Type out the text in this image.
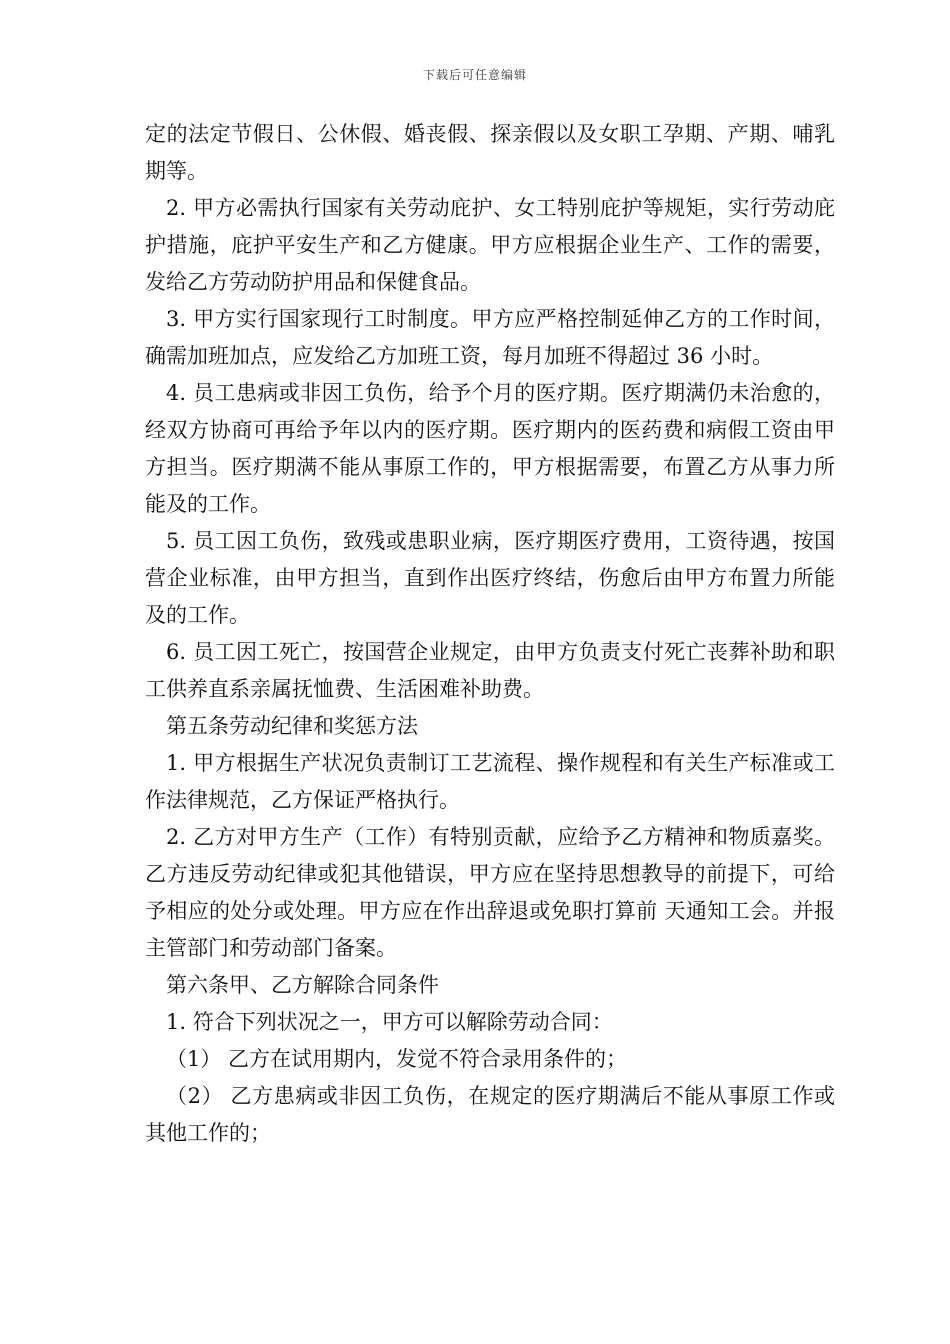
下载后可任意编辑

定的法定节假日、公休假、婚丧假、探亲假以及女职工孕期、产期、哺乳期等。

2. 甲方必需执行国家有关劳动庇护、女工特别庇护等规矩，实行劳动庇护措施，庇护平安生产和乙方健康。甲方应根据企业生产、工作的需要，发给乙方劳动防护用品和保健食品。

3. 甲方实行国家现行工时制度。甲方应严格控制延伸乙方的工作时间，确需加班加点，应发给乙方加班工资，每月加班不得超过 36 小时。

4. 员工患病或非因工负伤，给予个月的医疗期。医疗期满仍未治愈的，经双方协商可再给予年以内的医疗期。医疗期内的医药费和病假工资由甲方担当。医疗期满不能从事原工作的，甲方根据需要，布置乙方从事力所能及的工作。

5. 员工因工负伤，致残或患职业病，医疗期医疗费用，工资待遇，按国营企业标准，由甲方担当，直到作出医疗终结，伤愈后由甲方布置力所能及的工作。

6. 员工因工死亡，按国营企业规定，由甲方负责支付死亡丧葬补助和职工供养直系亲属抚恤费、生活困难补助费。

第五条劳动纪律和奖惩方法

1. 甲方根据生产状况负责制订工艺流程、操作规程和有关生产标准或工作法律规范，乙方保证严格执行。

2. 乙方对甲方生产（工作）有特别贡献，应给予乙方精神和物质嘉奖。乙方违反劳动纪律或犯其他错误，甲方应在坚持思想教导的前提下，可给予相应的处分或处理。甲方应在作出辞退或免职打算前 天通知工会。并报主管部门和劳动部门备案。

第六条甲、乙方解除合同条件

1. 符合下列状况之一，甲方可以解除劳动合同：

（1） 乙方在试用期内，发觉不符合录用条件的；

（2） 乙方患病或非因工负伤，在规定的医疗期满后不能从事原工作或其他工作的；
